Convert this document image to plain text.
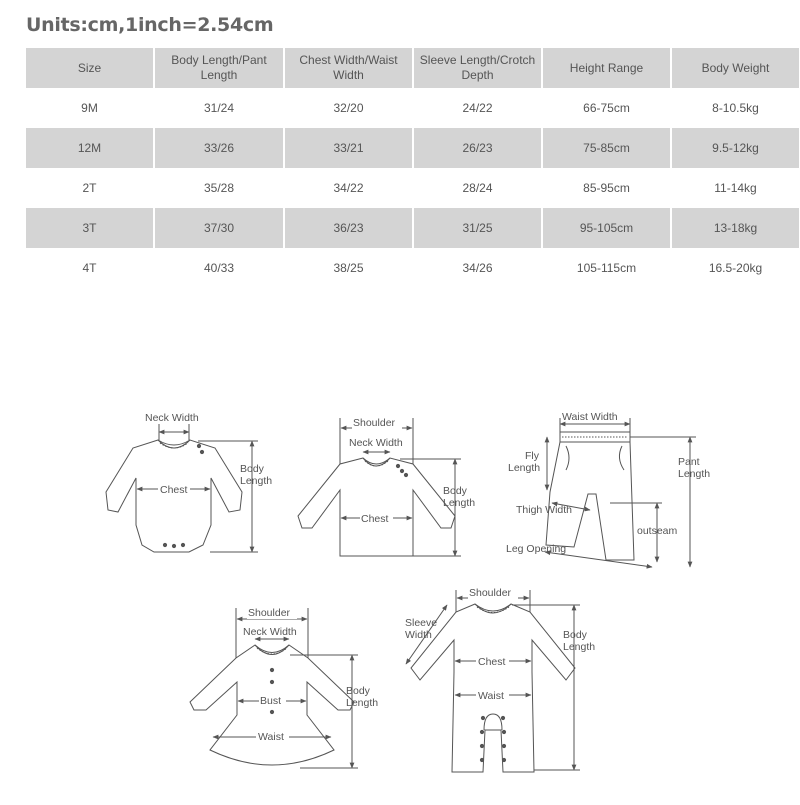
Units:cm,1inch=2.54cm
Size	Body Length/Pant Length	Chest Width/Waist Width	Sleeve Length/Crotch Depth	Height Range	Body Weight
9M	31/24	32/20	24/22	66-75cm	8-10.5kg
12M	33/26	33/21	26/23	75-85cm	9.5-12kg
2T	35/28	34/22	28/24	85-95cm	11-14kg
3T	37/30	36/23	31/25	95-105cm	13-18kg
4T	40/33	38/25	34/26	105-115cm	16.5-20kg
Neck Width
Chest
Body
Length
Shoulder
Neck Width
Chest
Body
Length
Waist Width
Fly
Length	Pant
Length
Thigh Width
outseam
Leg Opening
Shoulder
Neck Width
Bust
Waist
Body
Length
Shoulder
Sleeve
Width
Chest
Waist
Body
Length
